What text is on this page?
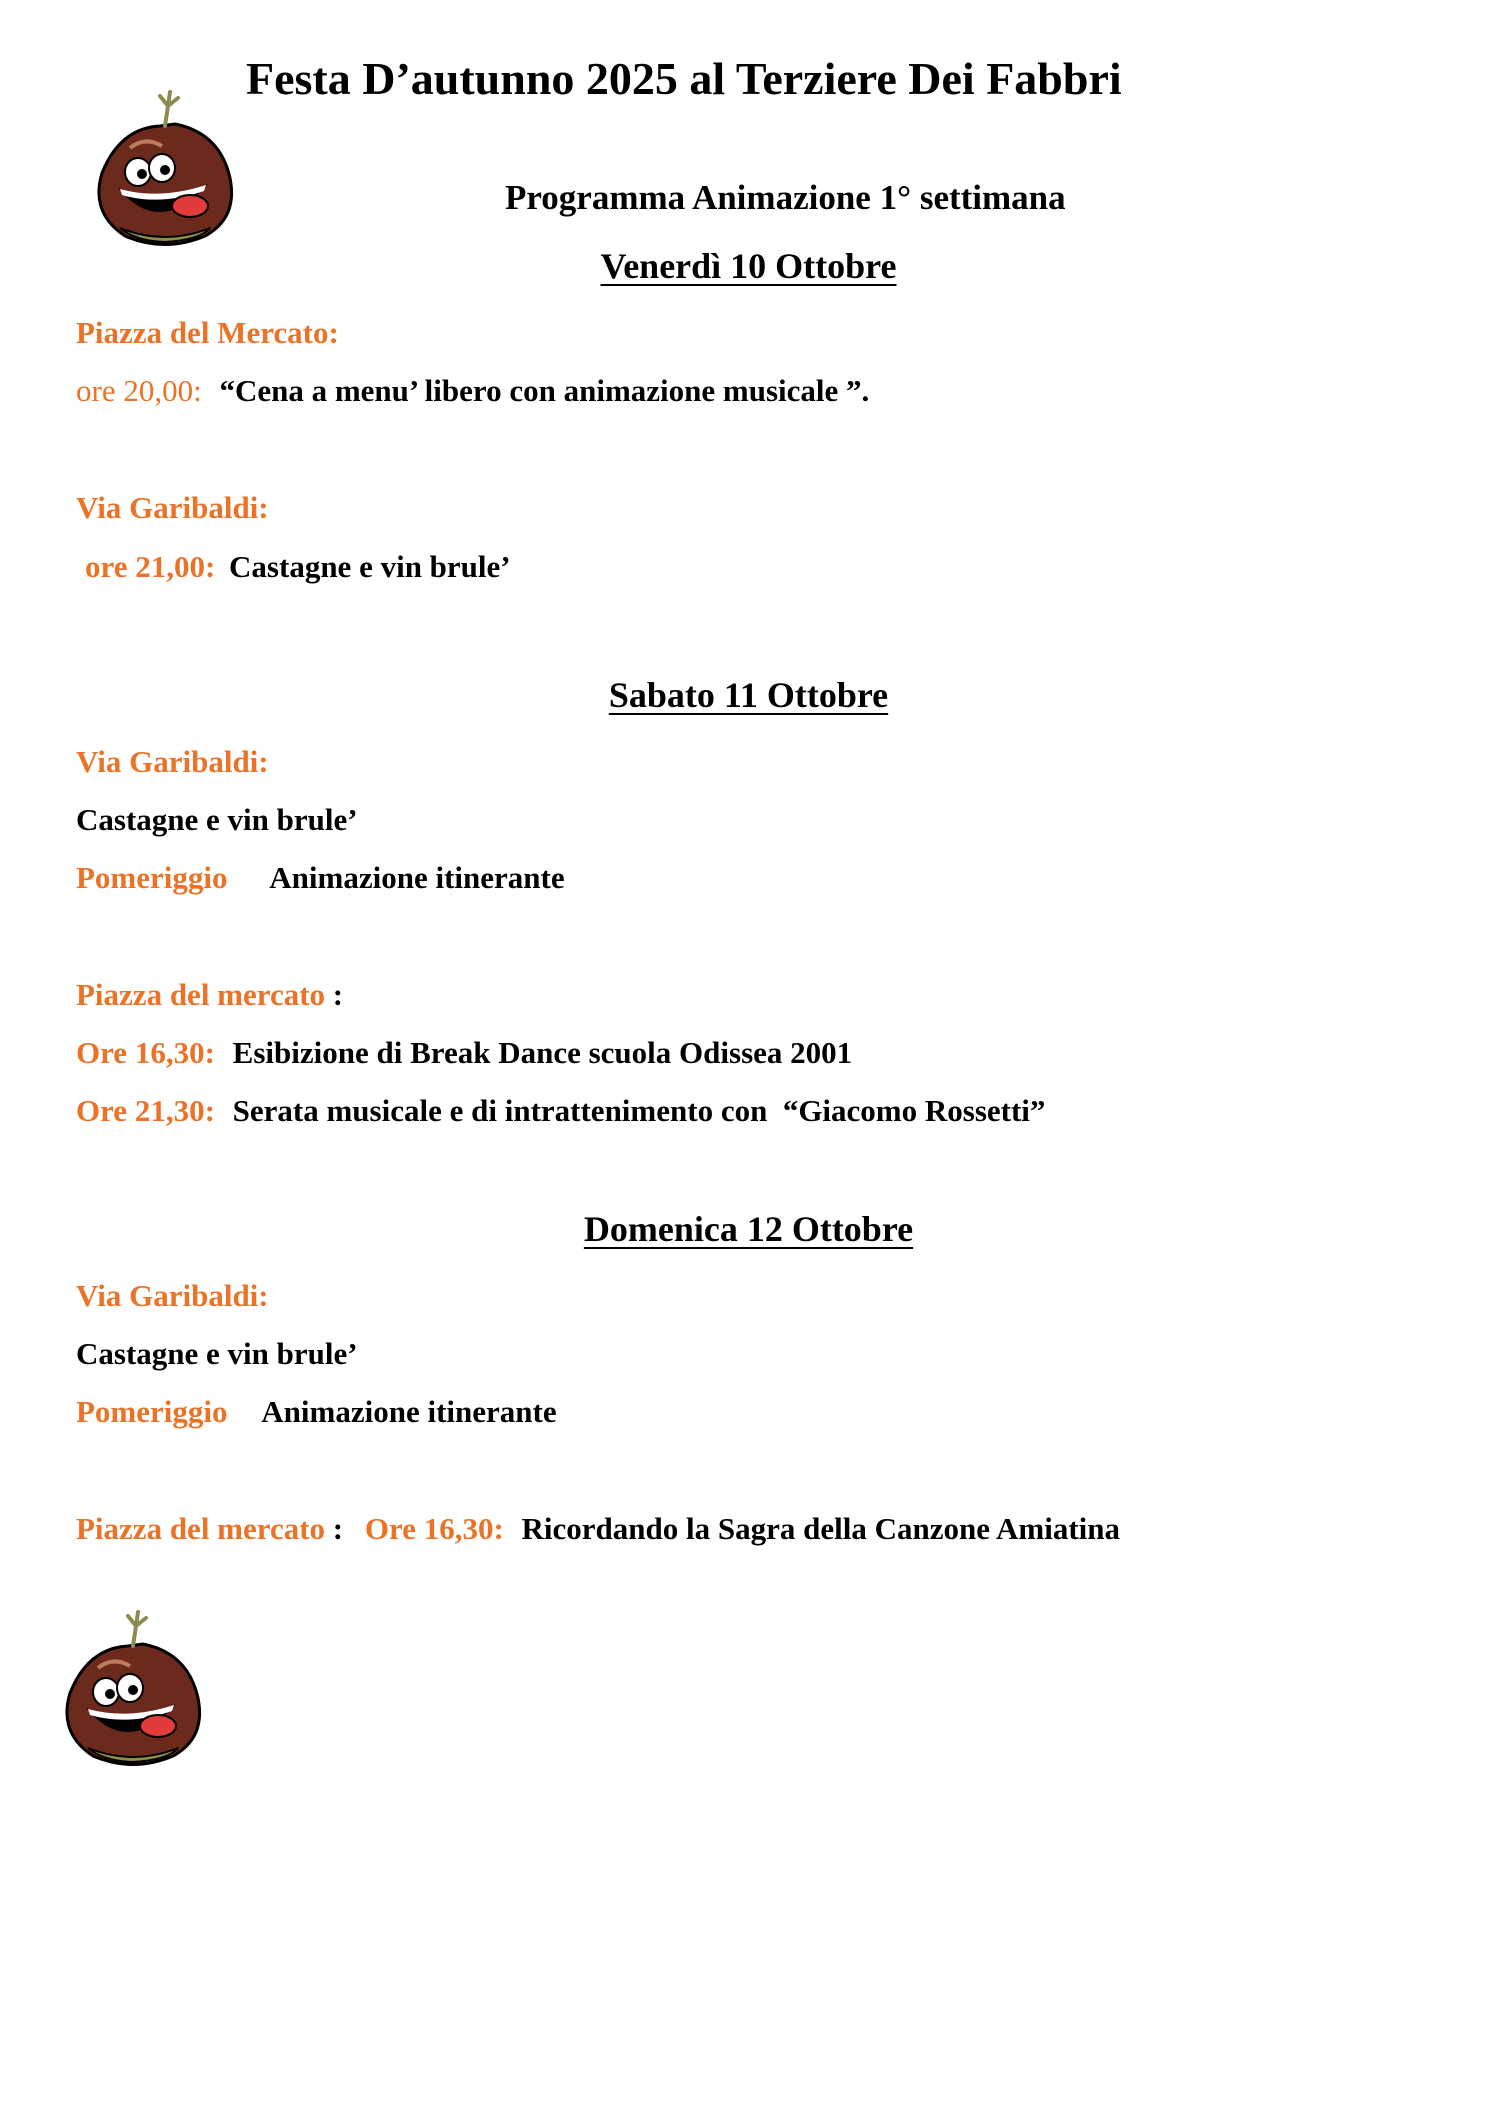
Festa D’autunno 2025 al Terziere Dei Fabbri
Programma Animazione 1° settimana
Venerdì 10 Ottobre
Piazza del Mercato:
ore 20,00: “Cena a menu’ libero con animazione musicale ”.
Via Garibaldi:
ore 21,00: Castagne e vin brule’
Sabato 11 Ottobre
Via Garibaldi:
Castagne e vin brule’
Pomeriggio Animazione itinerante
Piazza del mercato :
Ore 16,30: Esibizione di Break Dance scuola Odissea 2001
Ore 21,30: Serata musicale e di intrattenimento con  “Giacomo Rossetti”
Domenica 12 Ottobre
Via Garibaldi:
Castagne e vin brule’
Pomeriggio Animazione itinerante
Piazza del mercato : Ore 16,30: Ricordando la Sagra della Canzone Amiatina
